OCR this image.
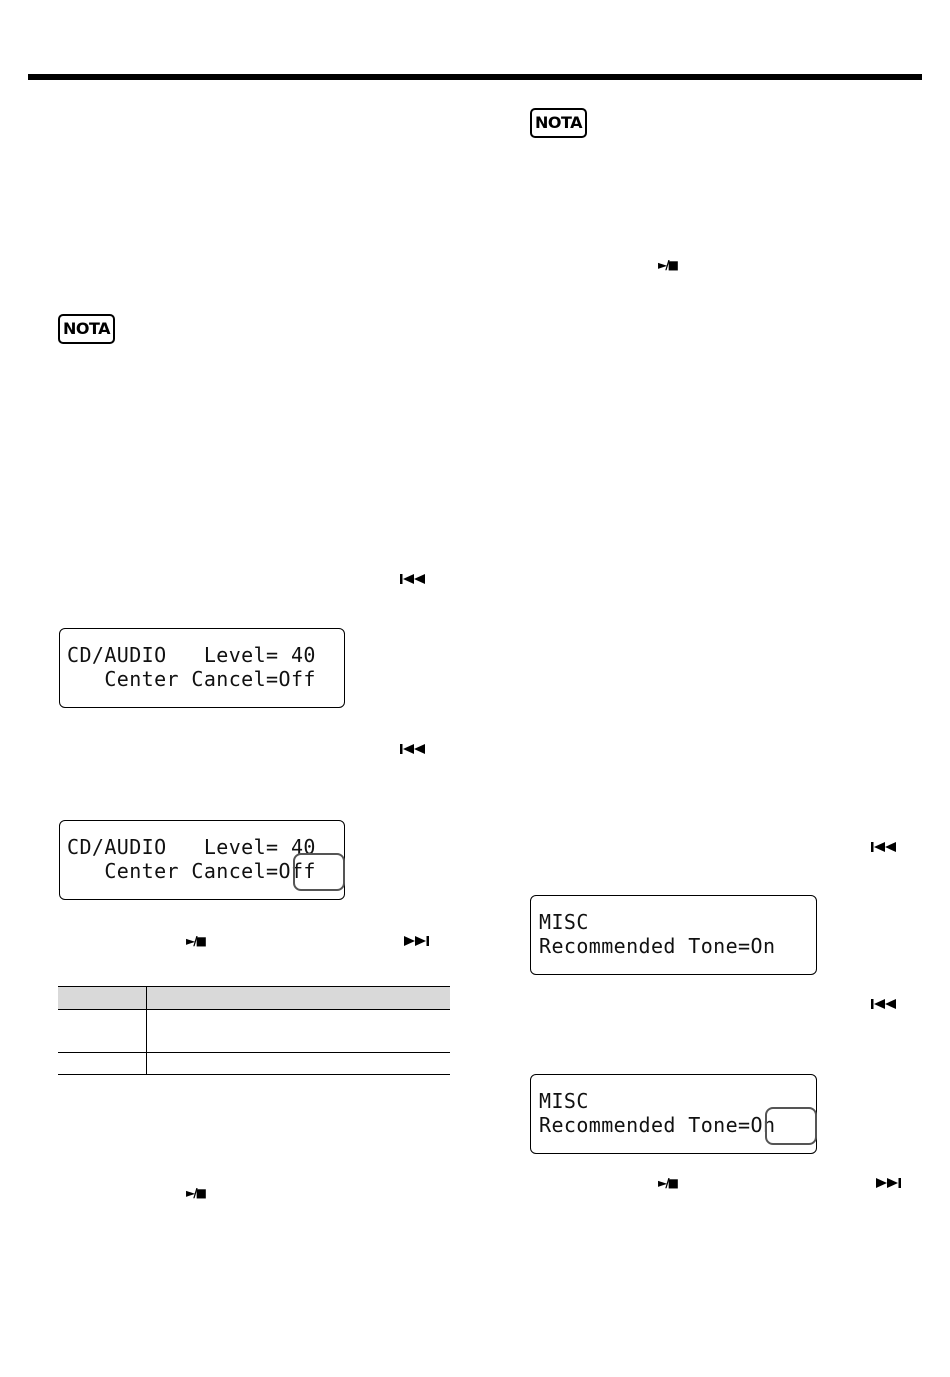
NOTA
NOTA
►/■
►/■
►/■
►/■
CD/AUDIO   Level= 40
Center Cancel=Off
CD/AUDIO   Level= 40
Center Cancel=Off
MISC
Recommended Tone=On
MISC
Recommended Tone=On
